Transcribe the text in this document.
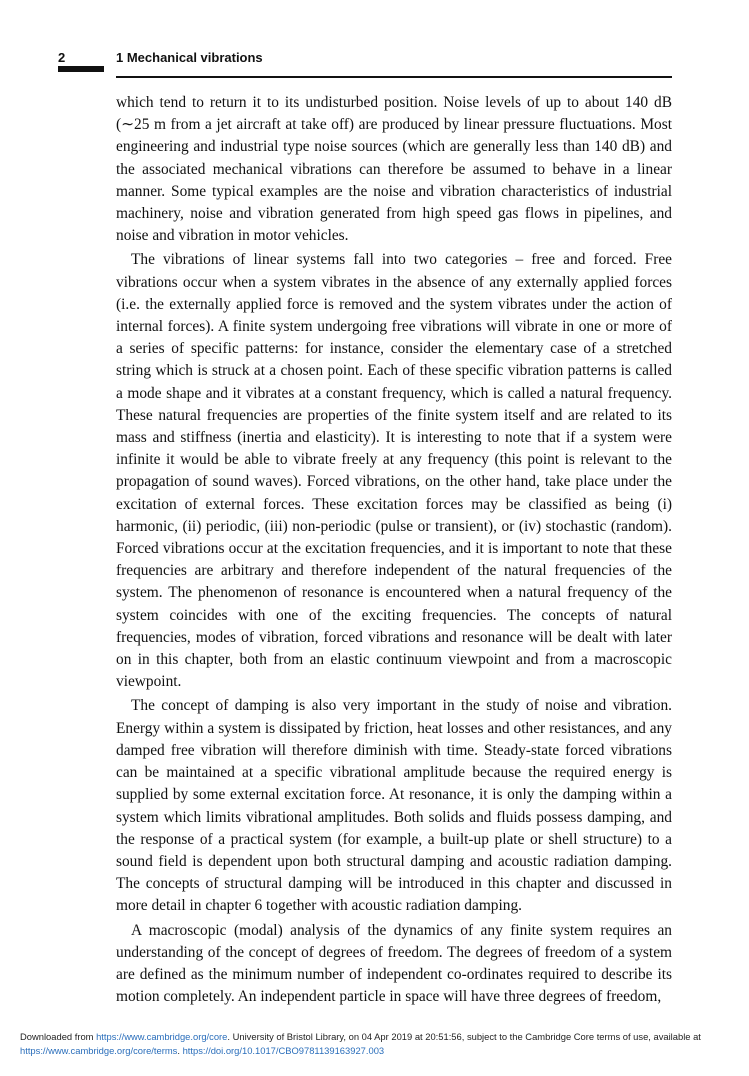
2	1 Mechanical vibrations

which tend to return it to its undisturbed position. Noise levels of up to about 140 dB (∼25 m from a jet aircraft at take off) are produced by linear pressure fluctuations. Most engineering and industrial type noise sources (which are generally less than 140 dB) and the associated mechanical vibrations can therefore be assumed to behave in a linear manner. Some typical examples are the noise and vibration characteristics of industrial machinery, noise and vibration generated from high speed gas flows in pipelines, and noise and vibration in motor vehicles.

The vibrations of linear systems fall into two categories – free and forced. Free vibrations occur when a system vibrates in the absence of any externally applied forces (i.e. the externally applied force is removed and the system vibrates under the action of internal forces). A finite system undergoing free vibrations will vibrate in one or more of a series of specific patterns: for instance, consider the elementary case of a stretched string which is struck at a chosen point. Each of these specific vibration patterns is called a mode shape and it vibrates at a constant frequency, which is called a natural frequency. These natural frequencies are properties of the finite system itself and are related to its mass and stiffness (inertia and elasticity). It is interesting to note that if a system were infinite it would be able to vibrate freely at any frequency (this point is relevant to the propagation of sound waves). Forced vibrations, on the other hand, take place under the excitation of external forces. These excitation forces may be classified as being (i) harmonic, (ii) periodic, (iii) non-periodic (pulse or transient), or (iv) stochastic (random). Forced vibrations occur at the excitation frequencies, and it is important to note that these frequencies are arbitrary and therefore independent of the natural frequencies of the system. The phenomenon of resonance is encountered when a natural frequency of the system coincides with one of the exciting frequencies. The concepts of natural frequencies, modes of vibration, forced vibrations and resonance will be dealt with later on in this chapter, both from an elastic continuum viewpoint and from a macroscopic viewpoint.

The concept of damping is also very important in the study of noise and vibration. Energy within a system is dissipated by friction, heat losses and other resistances, and any damped free vibration will therefore diminish with time. Steady-state forced vibrations can be maintained at a specific vibrational amplitude because the required energy is supplied by some external excitation force. At resonance, it is only the damping within a system which limits vibrational amplitudes. Both solids and fluids possess damping, and the response of a practical system (for example, a built-up plate or shell structure) to a sound field is dependent upon both structural damping and acoustic radiation damping. The concepts of structural damping will be introduced in this chapter and discussed in more detail in chapter 6 together with acoustic radiation damping.

A macroscopic (modal) analysis of the dynamics of any finite system requires an understanding of the concept of degrees of freedom. The degrees of freedom of a system are defined as the minimum number of independent co-ordinates required to describe its motion completely. An independent particle in space will have three degrees of freedom,

Downloaded from https://www.cambridge.org/core. University of Bristol Library, on 04 Apr 2019 at 20:51:56, subject to the Cambridge Core terms of use, available at https://www.cambridge.org/core/terms. https://doi.org/10.1017/CBO9781139163927.003
